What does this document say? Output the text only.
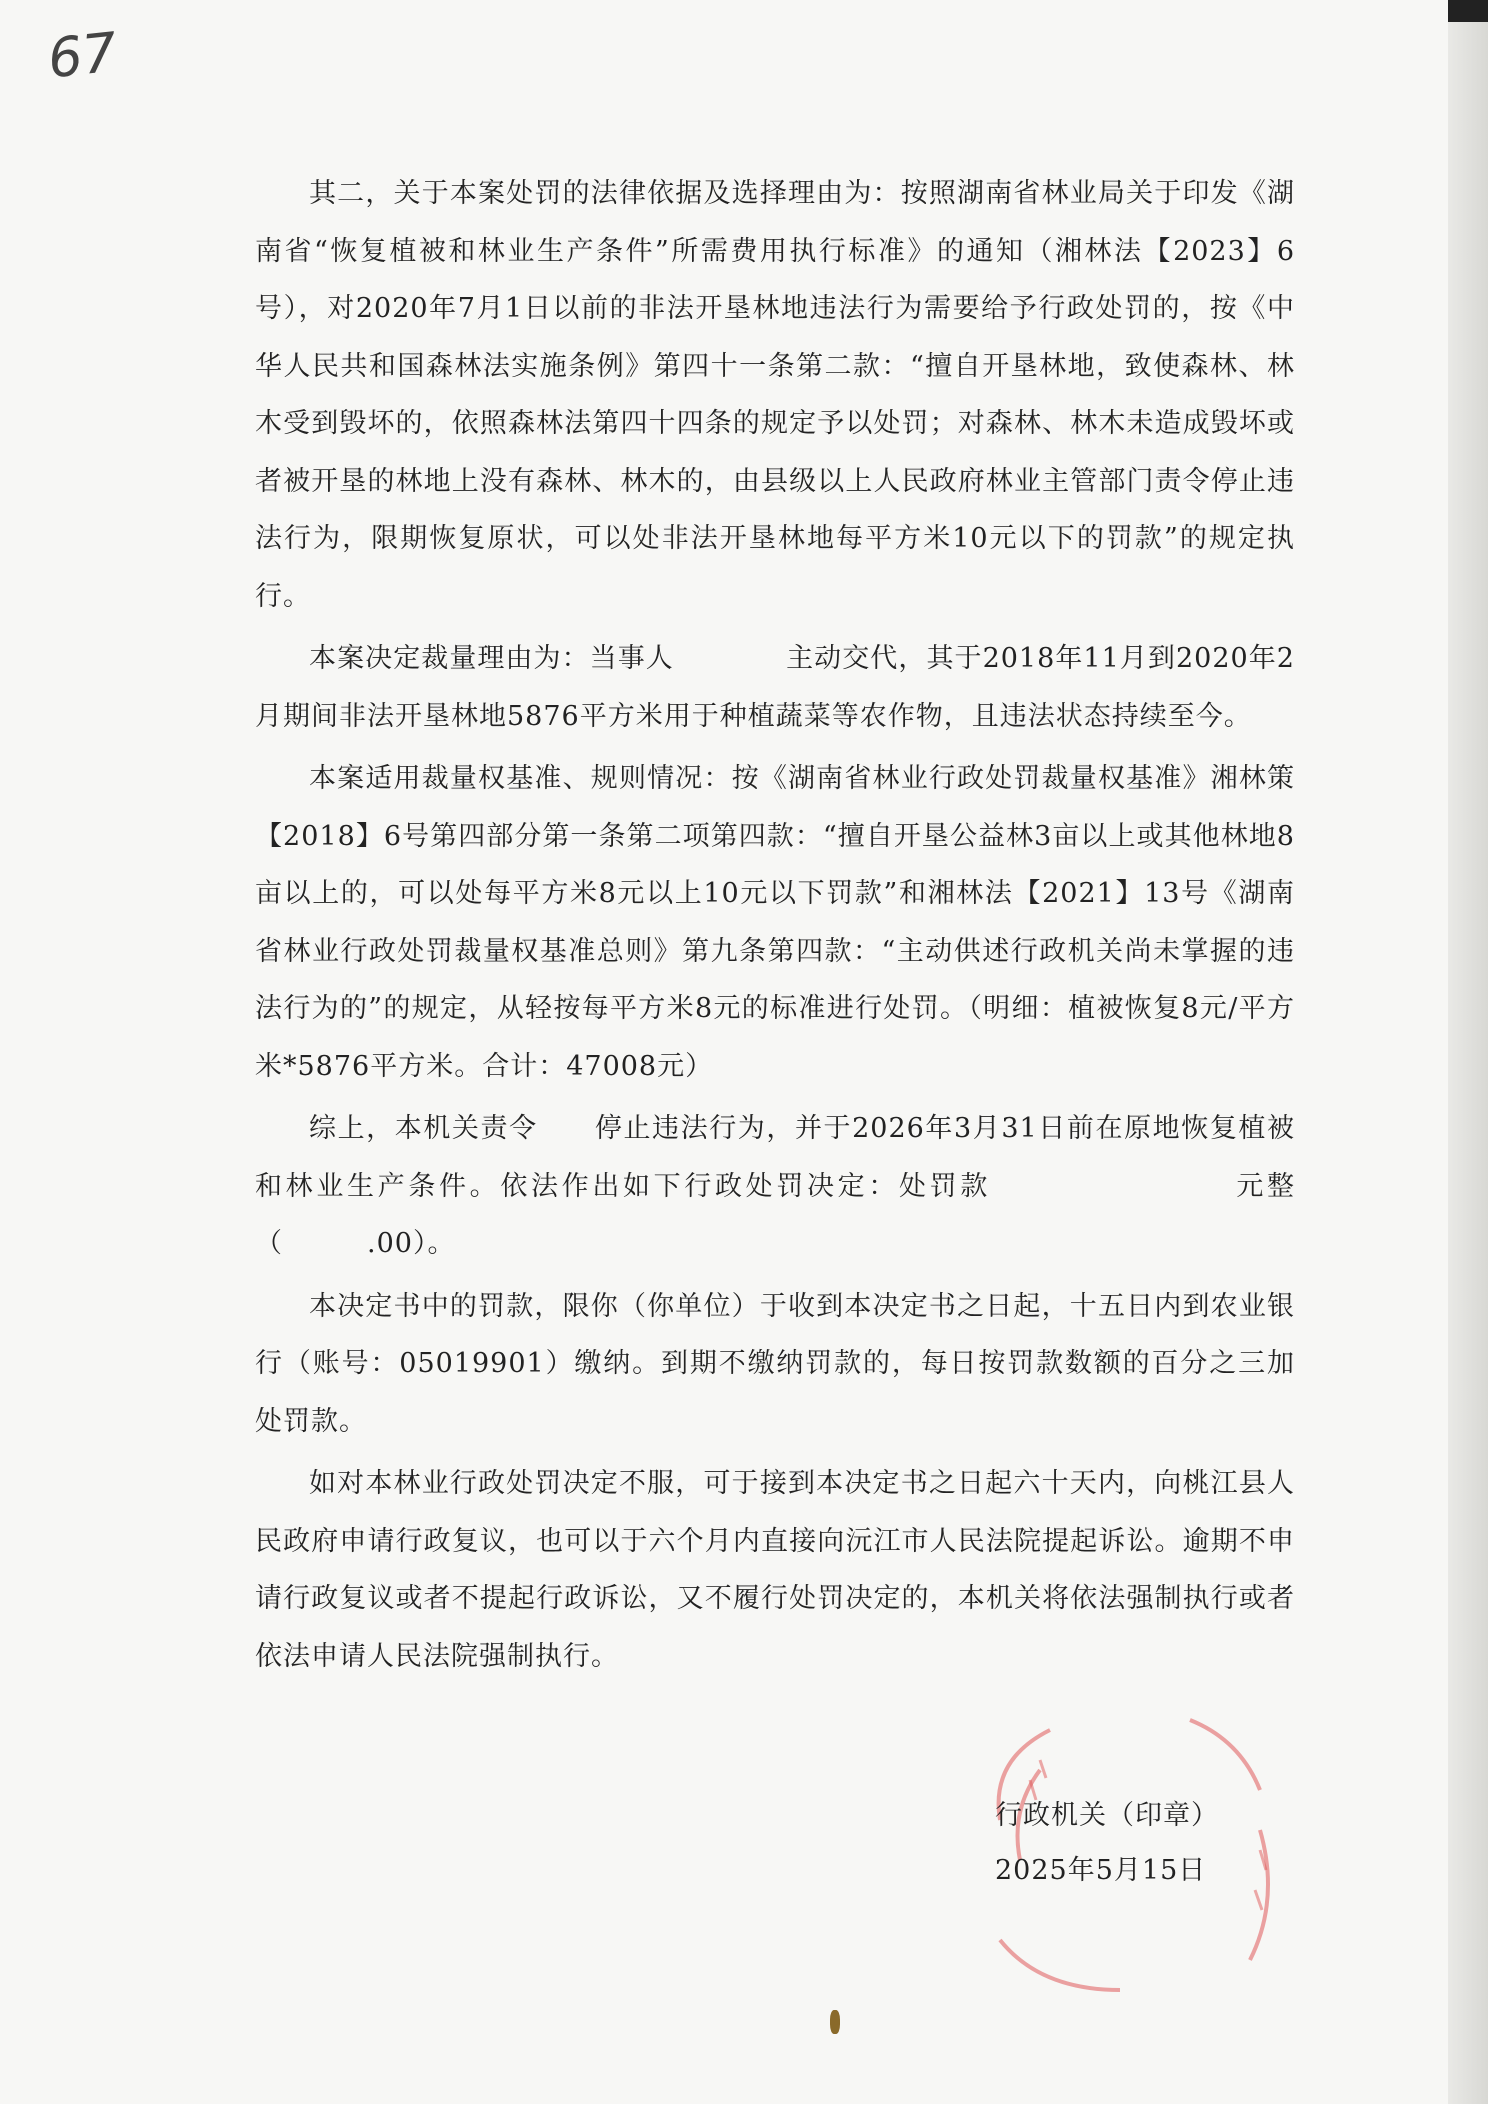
67

其二，关于本案处罚的法律依据及选择理由为：按照湖南省林业局关于印发《湖南省“恢复植被和林业生产条件”所需费用执行标准》的通知（湘林法【2023】6号），对2020年7月1日以前的非法开垦林地违法行为需要给予行政处罚的，按《中华人民共和国森林法实施条例》第四十一条第二款：“擅自开垦林地，致使森林、林木受到毁坏的，依照森林法第四十四条的规定予以处罚；对森林、林木未造成毁坏或者被开垦的林地上没有森林、林木的，由县级以上人民政府林业主管部门责令停止违法行为，限期恢复原状，可以处非法开垦林地每平方米10元以下的罚款”的规定执行。

本案决定裁量理由为：当事人　　　　主动交代，其于2018年11月到2020年2月期间非法开垦林地5876平方米用于种植蔬菜等农作物，且违法状态持续至今。

本案适用裁量权基准、规则情况：按《湖南省林业行政处罚裁量权基准》湘林策【2018】6号第四部分第一条第二项第四款：“擅自开垦公益林3亩以上或其他林地8亩以上的，可以处每平方米8元以上10元以下罚款”和湘林法【2021】13号《湖南省林业行政处罚裁量权基准总则》第九条第四款：“主动供述行政机关尚未掌握的违法行为的”的规定，从轻按每平方米8元的标准进行处罚。（明细：植被恢复8元/平方米*5876平方米。合计：47008元）

综上，本机关责令　　停止违法行为，并于2026年3月31日前在原地恢复植被和林业生产条件。依法作出如下行政处罚决定：处罚款　　　　　　　　元整（　　　.00）。

本决定书中的罚款，限你（你单位）于收到本决定书之日起，十五日内到农业银行（账号：05019901）缴纳。到期不缴纳罚款的，每日按罚款数额的百分之三加处罚款。

如对本林业行政处罚决定不服，可于接到本决定书之日起六十天内，向桃江县人民政府申请行政复议，也可以于六个月内直接向沅江市人民法院提起诉讼。逾期不申请行政复议或者不提起行政诉讼，又不履行处罚决定的，本机关将依法强制执行或者依法申请人民法院强制执行。

行政机关（印章）
2025年5月15日
